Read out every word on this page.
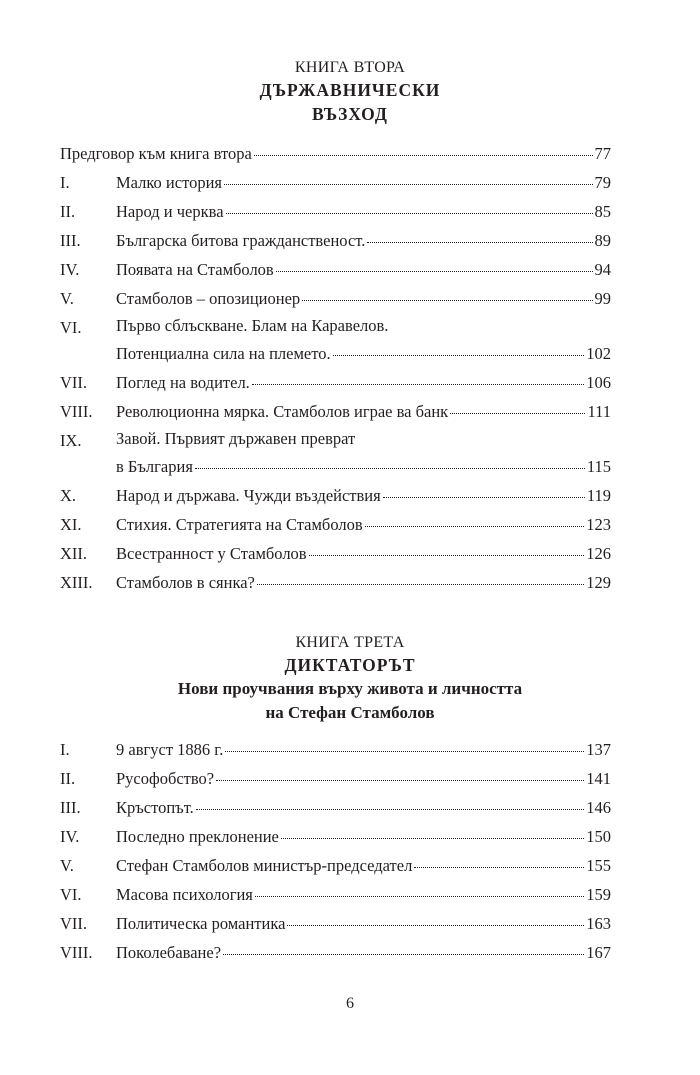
КНИГА ВТОРА
ДЪРЖАВНИЧЕСКИ
ВЪЗХОД
Предговор към книга втора	77
I.	Малко история	79
II. Народ и черква	85
III. Българска битова гражданственост.	89
IV. Появата на Стамболов	94
V.	Стамболов – опозиционер	99
VI. Първо сблъскване. Блам на Каравелов.
Потенциална сила на племето.	102
VII. Поглед на водител.	106
VIII. Революционна мярка. Стамболов играе ва банк	111
IX. Завой. Първият държавен преврат
в България	115
X. Народ и държава. Чужди въздействия	119
XI. Стихия. Стратегията на Стамболов	123
XII. Всестранност у Стамболов	126
XIII. Стамболов в сянка?	129
КНИГА ТРЕТА
ДИКТАТОРЪТ
Нови проучвания върху живота и личността
на Стефан Стамболов
I.	9 август 1886 г.	137
II. Русофобство?	141
III. Кръстопът.	146
IV. Последно преклонение	150
V.	Стефан Стамболов министър-председател	155
VI. Масова психология	159
VII. Политическа романтика	163
VIII. Поколебаване?	167
6
